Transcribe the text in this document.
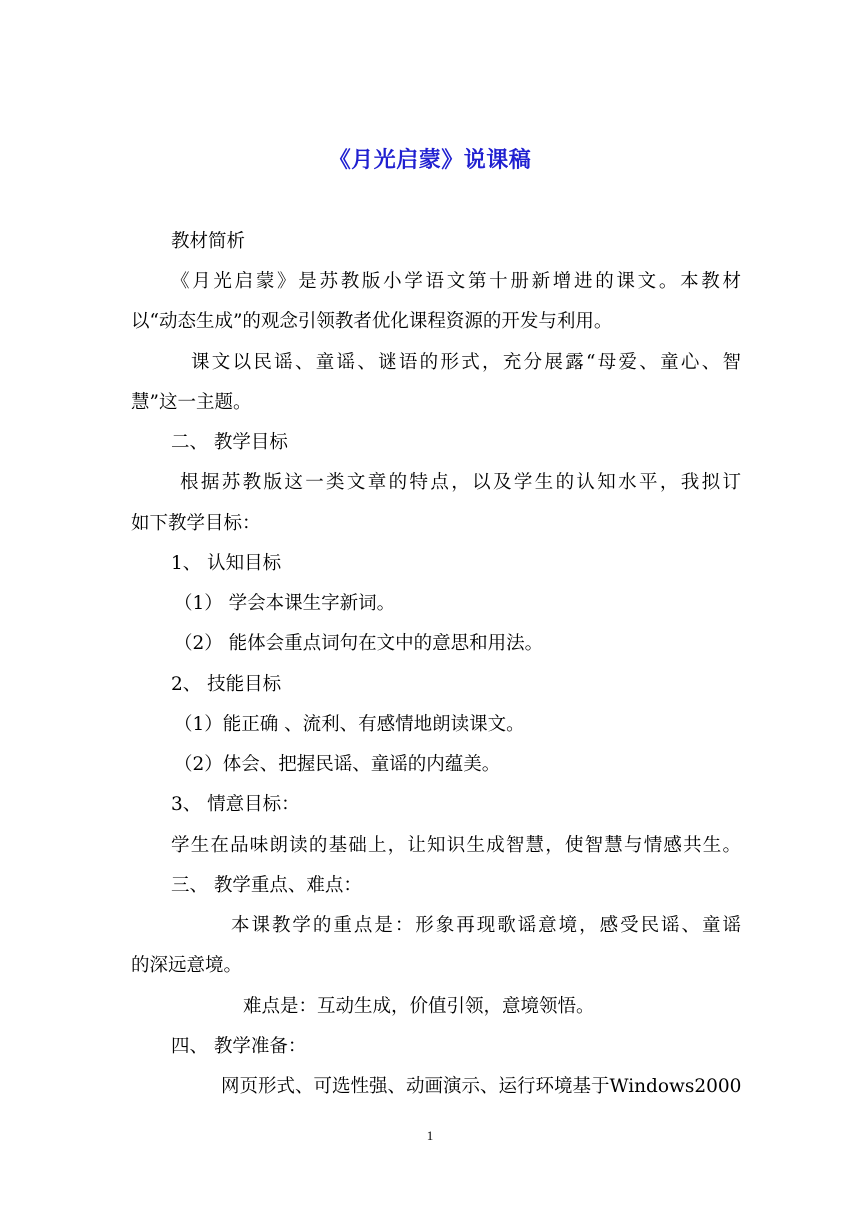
《月光启蒙》说课稿
教材简析
《月光启蒙》是苏教版小学语文第十册新增进的课文。本教材
以“动态生成”的观念引领教者优化课程资源的开发与利用。
课文以民谣、童谣、谜语的形式，充分展露“母爱、童心、智
慧”这一主题。
二、 教学目标
根据苏教版这一类文章的特点，以及学生的认知水平，我拟订
如下教学目标：
1、 认知目标
（1） 学会本课生字新词。
（2） 能体会重点词句在文中的意思和用法。
2、 技能目标
（1）能正确 、流利、有感情地朗读课文。
（2）体会、把握民谣、童谣的内蕴美。
3、 情意目标：
学生在品味朗读的基础上，让知识生成智慧，使智慧与情感共生。
三、 教学重点、难点：
本课教学的重点是：形象再现歌谣意境，感受民谣、童谣
的深远意境。
难点是：互动生成，价值引领，意境领悟。
四、 教学准备：
网页形式、可选性强、动画演示、运行环境基于Windows2000
1
